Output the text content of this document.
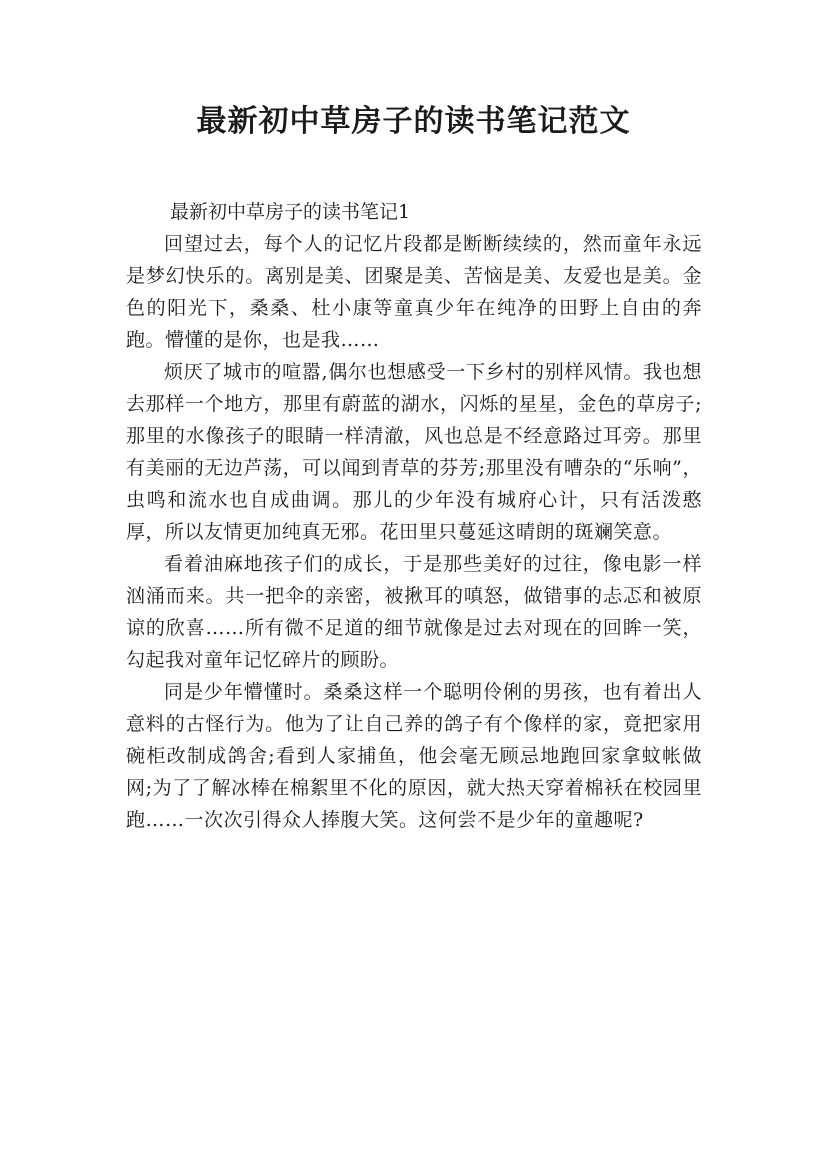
最新初中草房子的读书笔记范文
最新初中草房子的读书笔记1

回望过去，每个人的记忆片段都是断断续续的，然而童年永远是梦幻快乐的。离别是美、团聚是美、苦恼是美、友爱也是美。金色的阳光下，桑桑、杜小康等童真少年在纯净的田野上自由的奔跑。懵懂的是你，也是我……

烦厌了城市的喧嚣,偶尔也想感受一下乡村的别样风情。我也想去那样一个地方，那里有蔚蓝的湖水，闪烁的星星，金色的草房子;那里的水像孩子的眼睛一样清澈，风也总是不经意路过耳旁。那里有美丽的无边芦荡，可以闻到青草的芬芳;那里没有嘈杂的“乐响”，虫鸣和流水也自成曲调。那儿的少年没有城府心计，只有活泼憨厚，所以友情更加纯真无邪。花田里只蔓延这晴朗的斑斓笑意。

看着油麻地孩子们的成长，于是那些美好的过往，像电影一样汹涌而来。共一把伞的亲密，被揪耳的嗔怒，做错事的忐忑和被原谅的欣喜……所有微不足道的细节就像是过去对现在的回眸一笑，勾起我对童年记忆碎片的顾盼。

同是少年懵懂时。桑桑这样一个聪明伶俐的男孩，也有着出人意料的古怪行为。他为了让自己养的鸽子有个像样的家，竟把家用碗柜改制成鸽舍;看到人家捕鱼，他会毫无顾忌地跑回家拿蚊帐做网;为了了解冰棒在棉絮里不化的原因，就大热天穿着棉袄在校园里跑……一次次引得众人捧腹大笑。这何尝不是少年的童趣呢?
